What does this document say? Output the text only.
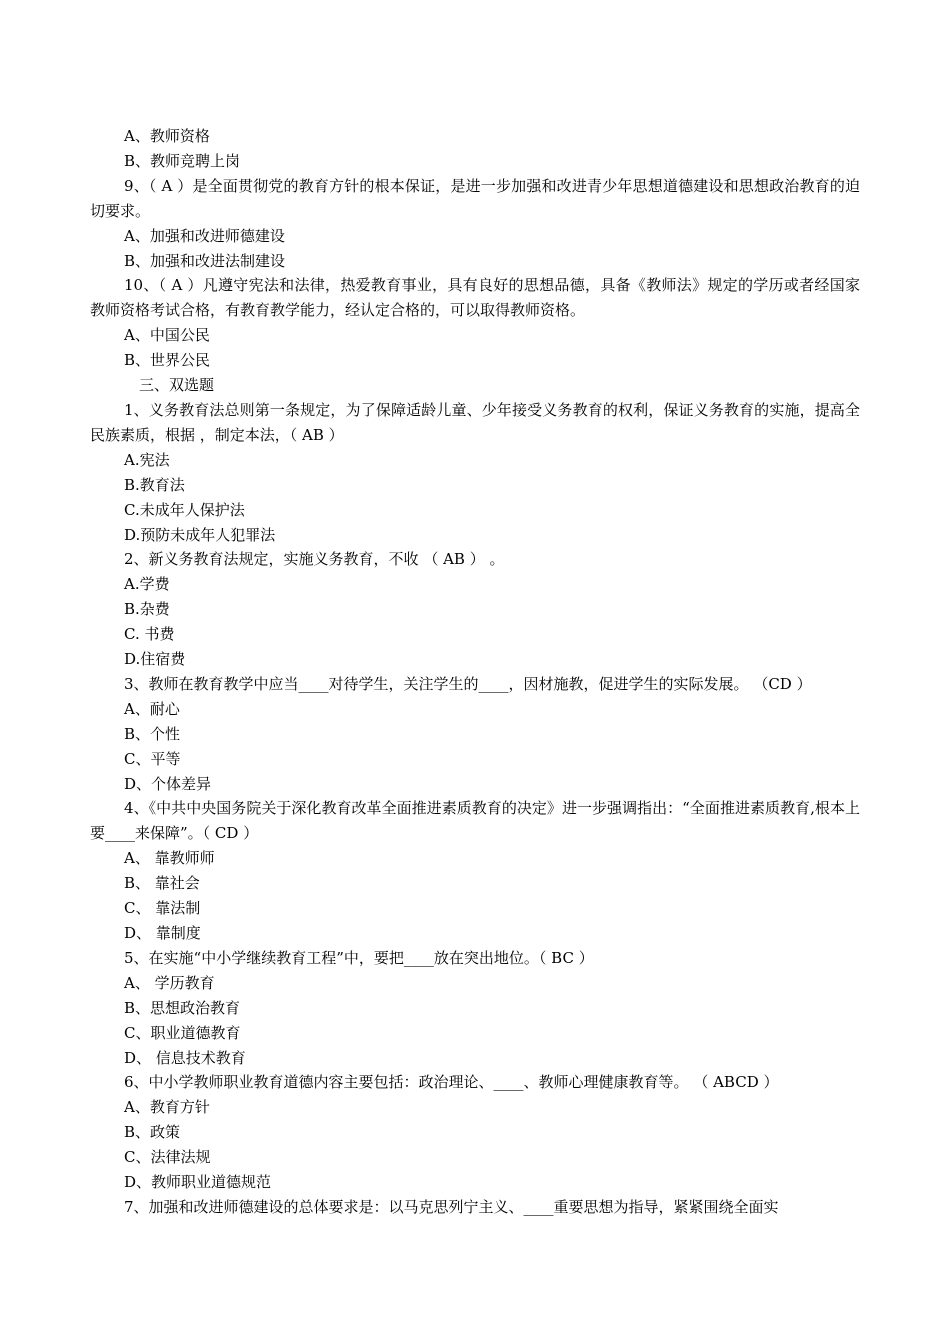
A、教师资格
B、教师竞聘上岗
9、（ A ）是全面贯彻党的教育方针的根本保证，是进一步加强和改进青少年思想道德建设和思想政治教育的迫切要求。
A、加强和改进师德建设
B、加强和改进法制建设
10、（ A ）凡遵守宪法和法律，热爱教育事业，具有良好的思想品德，具备《教师法》规定的学历或者经国家教师资格考试合格，有教育教学能力，经认定合格的，可以取得教师资格。
A、中国公民
B、世界公民
三、双选题
1、义务教育法总则第一条规定，为了保障适龄儿童、少年接受义务教育的权利，保证义务教育的实施，提高全民族素质，根据 ，制定本法，（ AB ）
A.宪法
B.教育法
C.未成年人保护法
D.预防未成年人犯罪法
2、新义务教育法规定，实施义务教育，不收 （ AB ） 。
A.学费
B.杂费
C. 书费
D.住宿费
3、教师在教育教学中应当____对待学生，关注学生的____，因材施教，促进学生的实际发展。 （CD ）
A、耐心
B、个性
C、平等
D、个体差异
4、《中共中央国务院关于深化教育改革全面推进素质教育的决定》进一步强调指出：“全面推进素质教育,根本上要____来保障”。（ CD ）
A、 靠教师师
B、 靠社会
C、 靠法制
D、 靠制度
5、在实施“中小学继续教育工程”中，要把____放在突出地位。（ BC ）
A、 学历教育
B、思想政治教育
C、职业道德教育
D、 信息技术教育
6、中小学教师职业教育道德内容主要包括：政治理论、____、教师心理健康教育等。 （ ABCD ）
A、教育方针
B、政策
C、法律法规
D、教师职业道德规范
7、加强和改进师德建设的总体要求是：以马克思列宁主义、____重要思想为指导，紧紧围绕全面实
